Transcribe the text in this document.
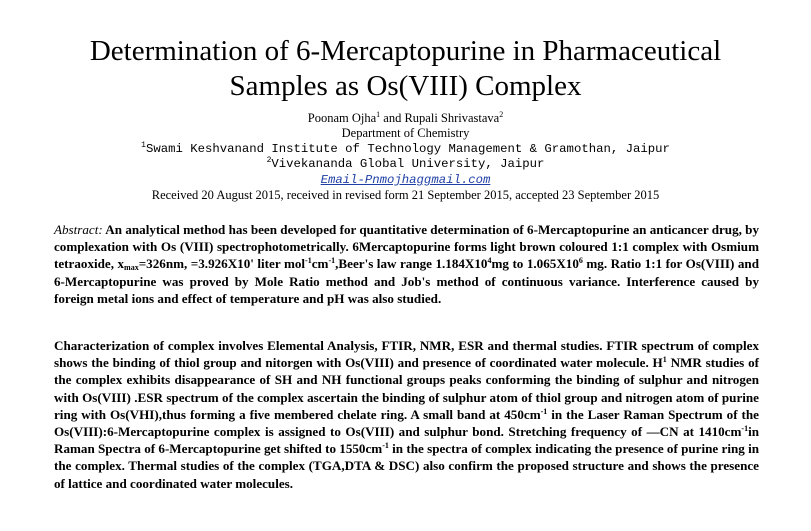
Determination of 6-Mercaptopurine in Pharmaceutical
Samples as Os(VIII) Complex
Poonam Ojha$^1$ and Rupali Shrivastava$^2$
Department of Chemistry
$^1$Swami Keshvanand Institute of Technology Management & Gramothan, Jaipur
$^2$Vivekananda Global University, Jaipur
Email-Pnmojhaggmail.com
Received 20 August 2015, received in revised form 21 September 2015, accepted 23 September 2015
Abstract: An analytical method has been developed for quantitative determination of 6-Mercaptopurine an anticancer drug, by complexation with Os (VIII) spectrophotometrically. 6Mercaptopurine forms light brown coloured 1:1 complex with Osmium tetraoxide, $x_{max}=326nm$, =3.926X10' liter $mol^{-1}cm^{-1},Beer's$ law range $1.184X10^4mg$ to $1.065X10^6$ mg. Ratio 1:1 for Os(VIII) and 6-Mercaptopurine was proved by Mole Ratio method and Job's method of continuous variance. Interference caused by foreign metal ions and effect of temperature and pH was also studied.
Characterization of complex involves Elemental Analysis, FTIR, NMR, ESR and thermal studies. FTIR spectrum of complex shows the binding of thiol group and nitorgen with Os(VIII) and presence of coordinated water molecule. $H^1$ NMR studies of the complex exhibits disappearance of SH and NH functional groups peaks conforming the binding of sulphur and nitrogen with Os(VIII) .ESR spectrum of the complex ascertain the binding of sulphur atom of thiol group and nitrogen atom of purine ring with Os(VHI),thus forming a five membered chelate ring. A small band at $450cm^{-1}$ in the Laser Raman Spectrum of the Os(VIII):6-Mercaptopurine complex is assigned to Os(VIII) and sulphur bond. Stretching frequency of —CN at $1410cm^{-1}in$ Raman Spectra of 6-Mercaptopurine get shifted to $1550cm^{-1}$ in the spectra of complex indicating the presence of purine ring in the complex. Thermal studies of the complex (TGA,DTA & DSC) also confirm the proposed structure and shows the presence of lattice and coordinated water molecules.
